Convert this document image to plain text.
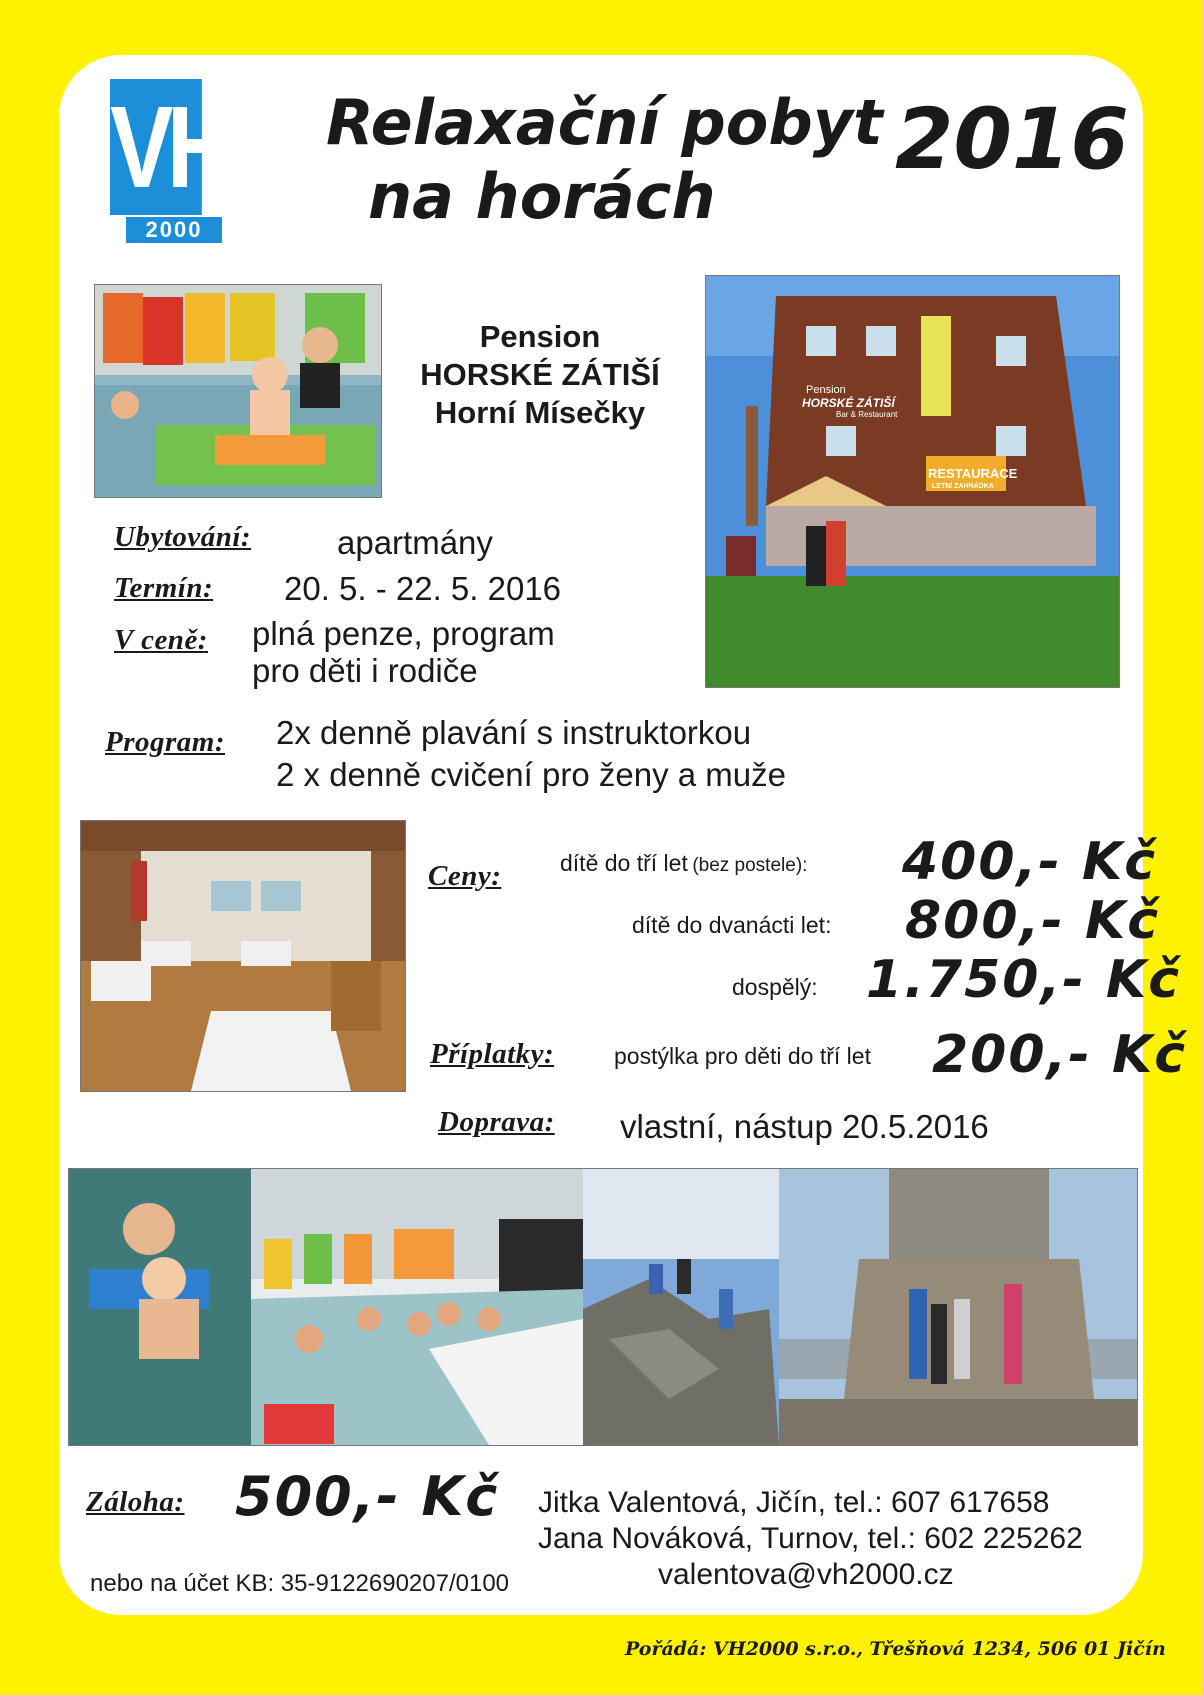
VH
2000
Relaxační pobyt
na horách
2016
Pension
HORSKÉ ZÁTIŠÍ
Horní Mísečky
Pension
HORSKÉ ZÁTIŠÍ
Bar & Restaurant
RESTAURACE
LETNÍ ZAHRÁDKA
Ubytování:	apartmány
Termín: 20. 5. - 22. 5. 2016
V ceně: plná penze, program
pro děti i rodiče
Program: 2x denně plavání s instruktorkou
2 x denně cvičení pro ženy a muže
Ceny:	dítě do tří let (bez postele): 400,- Kč
dítě do dvanácti let: 800,- Kč
dospělý: 1.750,- Kč
Příplatky:	postýlka pro děti do tří let 200,- Kč
Doprava: vlastní, nástup 20.5.2016
Záloha: 500,- Kč
nebo na účet KB: 35-9122690207/0100
Jitka Valentová, Jičín, tel.: 607 617658
Jana Nováková, Turnov, tel.: 602 225262
valentova@vh2000.cz
Pořádá: VH2000 s.r.o., Třešňová 1234, 506 01 Jičín
